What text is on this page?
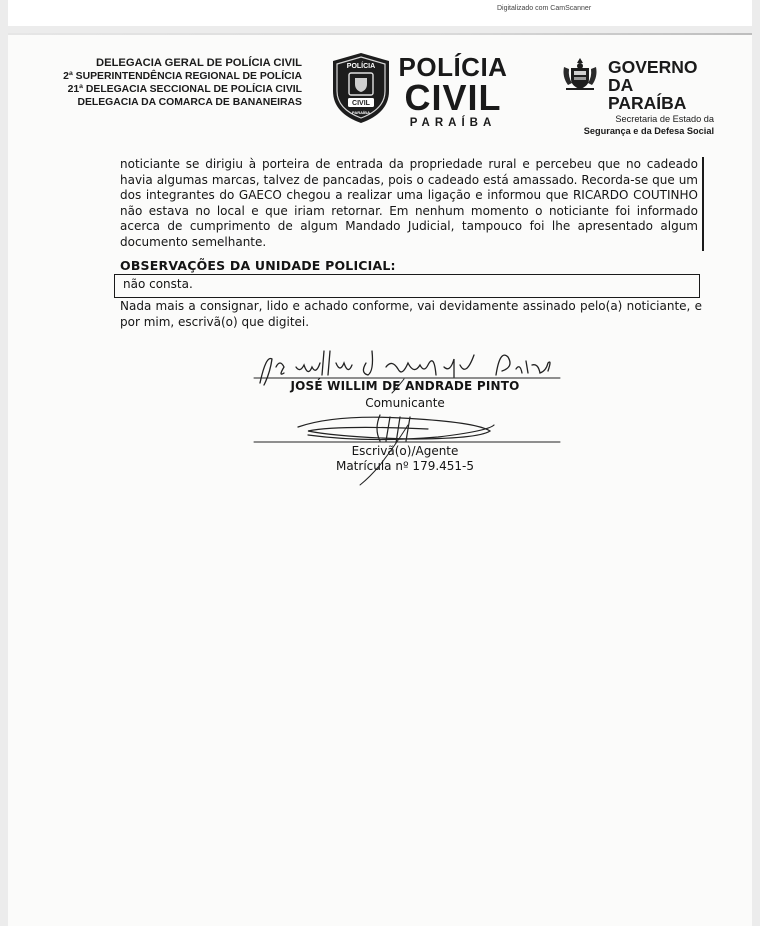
Digitalizado com CamScanner
DELEGACIA GERAL DE POLÍCIA CIVIL
2ª SUPERINTENDÊNCIA REGIONAL DE POLÍCIA
21ª DELEGACIA SECCIONAL DE POLÍCIA CIVIL
DELEGACIA DA COMARCA DE BANANEIRAS
POLÍCIA
CIVIL
PARAÍBA
POLÍCIA
CIVIL
PARAÍBA
GOVERNO
DA PARAÍBA
Secretaria de Estado da
Segurança e da Defesa Social
noticiante se dirigiu à porteira de entrada da propriedade rural e percebeu que no cadeado havia algumas marcas, talvez de pancadas, pois o cadeado está amassado. Recorda-se que um dos integrantes do GAECO chegou a realizar uma ligação e informou que RICARDO COUTINHO não estava no local e que iriam retornar. Em nenhum momento o noticiante foi informado acerca de cumprimento de algum Mandado Judicial, tampouco foi lhe apresentado algum documento semelhante.
OBSERVAÇÕES DA UNIDADE POLICIAL:
não consta.
Nada mais a consignar, lido e achado conforme, vai devidamente assinado pelo(a) noticiante, e por mim, escrivã(o) que digitei.
JOSÉ WILLIM DE ANDRADE PINTO
Comunicante
Escrivã(o)/Agente
Matrícula nº 179.451-5
